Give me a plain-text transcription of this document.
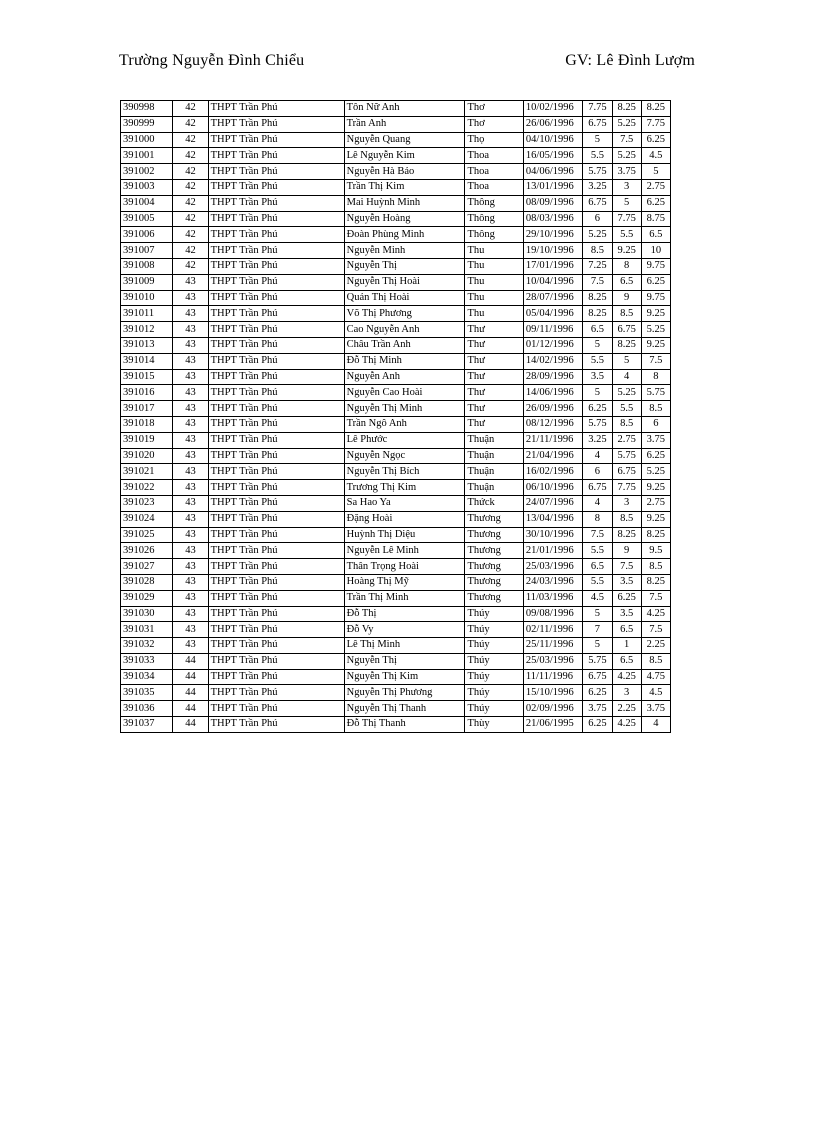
Trường Nguyễn Đình Chiểu	GV: Lê Đình Lượm
390998	42	THPT Trần Phú	Tôn Nữ Anh	Thơ	10/02/1996	7.75	8.25	8.25
390999	42	THPT Trần Phú	Trần Anh	Thơ	26/06/1996	6.75	5.25	7.75
391000	42	THPT Trần Phú	Nguyễn Quang	Thọ	04/10/1996	5	7.5	6.25
391001	42	THPT Trần Phú	Lê Nguyễn Kim	Thoa	16/05/1996	5.5	5.25	4.5
391002	42	THPT Trần Phú	Nguyễn Hà Bảo	Thoa	04/06/1996	5.75	3.75	5
391003	42	THPT Trần Phú	Trần Thị Kim	Thoa	13/01/1996	3.25	3	2.75
391004	42	THPT Trần Phú	Mai Huỳnh Minh	Thông	08/09/1996	6.75	5	6.25
391005	42	THPT Trần Phú	Nguyễn Hoàng	Thông	08/03/1996	6	7.75	8.75
391006	42	THPT Trần Phú	Đoàn Phùng Minh	Thông	29/10/1996	5.25	5.5	6.5
391007	42	THPT Trần Phú	Nguyễn Minh	Thu	19/10/1996	8.5	9.25	10
391008	42	THPT Trần Phú	Nguyễn Thị	Thu	17/01/1996	7.25	8	9.75
391009	43	THPT Trần Phú	Nguyễn Thị Hoài	Thu	10/04/1996	7.5	6.5	6.25
391010	43	THPT Trần Phú	Quản Thị Hoài	Thu	28/07/1996	8.25	9	9.75
391011	43	THPT Trần Phú	Võ Thị Phương	Thu	05/04/1996	8.25	8.5	9.25
391012	43	THPT Trần Phú	Cao Nguyễn Anh	Thư	09/11/1996	6.5	6.75	5.25
391013	43	THPT Trần Phú	Châu Trần Anh	Thư	01/12/1996	5	8.25	9.25
391014	43	THPT Trần Phú	Đỗ Thị Minh	Thư	14/02/1996	5.5	5	7.5
391015	43	THPT Trần Phú	Nguyễn Anh	Thư	28/09/1996	3.5	4	8
391016	43	THPT Trần Phú	Nguyễn Cao Hoài	Thư	14/06/1996	5	5.25	5.75
391017	43	THPT Trần Phú	Nguyễn Thị Minh	Thư	26/09/1996	6.25	5.5	8.5
391018	43	THPT Trần Phú	Trần Ngô Anh	Thư	08/12/1996	5.75	8.5	6
391019	43	THPT Trần Phú	Lê Phước	Thuận	21/11/1996	3.25	2.75	3.75
391020	43	THPT Trần Phú	Nguyễn Ngọc	Thuận	21/04/1996	4	5.75	6.25
391021	43	THPT Trần Phú	Nguyễn Thị Bích	Thuận	16/02/1996	6	6.75	5.25
391022	43	THPT Trần Phú	Trương Thị Kim	Thuận	06/10/1996	6.75	7.75	9.25
391023	43	THPT Trần Phú	Sa Hao Ya	Thứck	24/07/1996	4	3	2.75
391024	43	THPT Trần Phú	Đặng Hoài	Thương	13/04/1996	8	8.5	9.25
391025	43	THPT Trần Phú	Huỳnh Thị Diệu	Thương	30/10/1996	7.5	8.25	8.25
391026	43	THPT Trần Phú	Nguyễn Lê Minh	Thương	21/01/1996	5.5	9	9.5
391027	43	THPT Trần Phú	Thân Trọng Hoài	Thương	25/03/1996	6.5	7.5	8.5
391028	43	THPT Trần Phú	Hoàng Thị Mỹ	Thương	24/03/1996	5.5	3.5	8.25
391029	43	THPT Trần Phú	Trần Thị Minh	Thương	11/03/1996	4.5	6.25	7.5
391030	43	THPT Trần Phú	Đỗ Thị	Thúy	09/08/1996	5	3.5	4.25
391031	43	THPT Trần Phú	Đỗ Vy	Thúy	02/11/1996	7	6.5	7.5
391032	43	THPT Trần Phú	Lê Thị Minh	Thúy	25/11/1996	5	1	2.25
391033	44	THPT Trần Phú	Nguyễn Thị	Thúy	25/03/1996	5.75	6.5	8.5
391034	44	THPT Trần Phú	Nguyễn Thị Kim	Thúy	11/11/1996	6.75	4.25	4.75
391035	44	THPT Trần Phú	Nguyễn Thị Phương	Thúy	15/10/1996	6.25	3	4.5
391036	44	THPT Trần Phú	Nguyễn Thị Thanh	Thúy	02/09/1996	3.75	2.25	3.75
391037	44	THPT Trần Phú	Đỗ Thị Thanh	Thùy	21/06/1995	6.25	4.25	4
